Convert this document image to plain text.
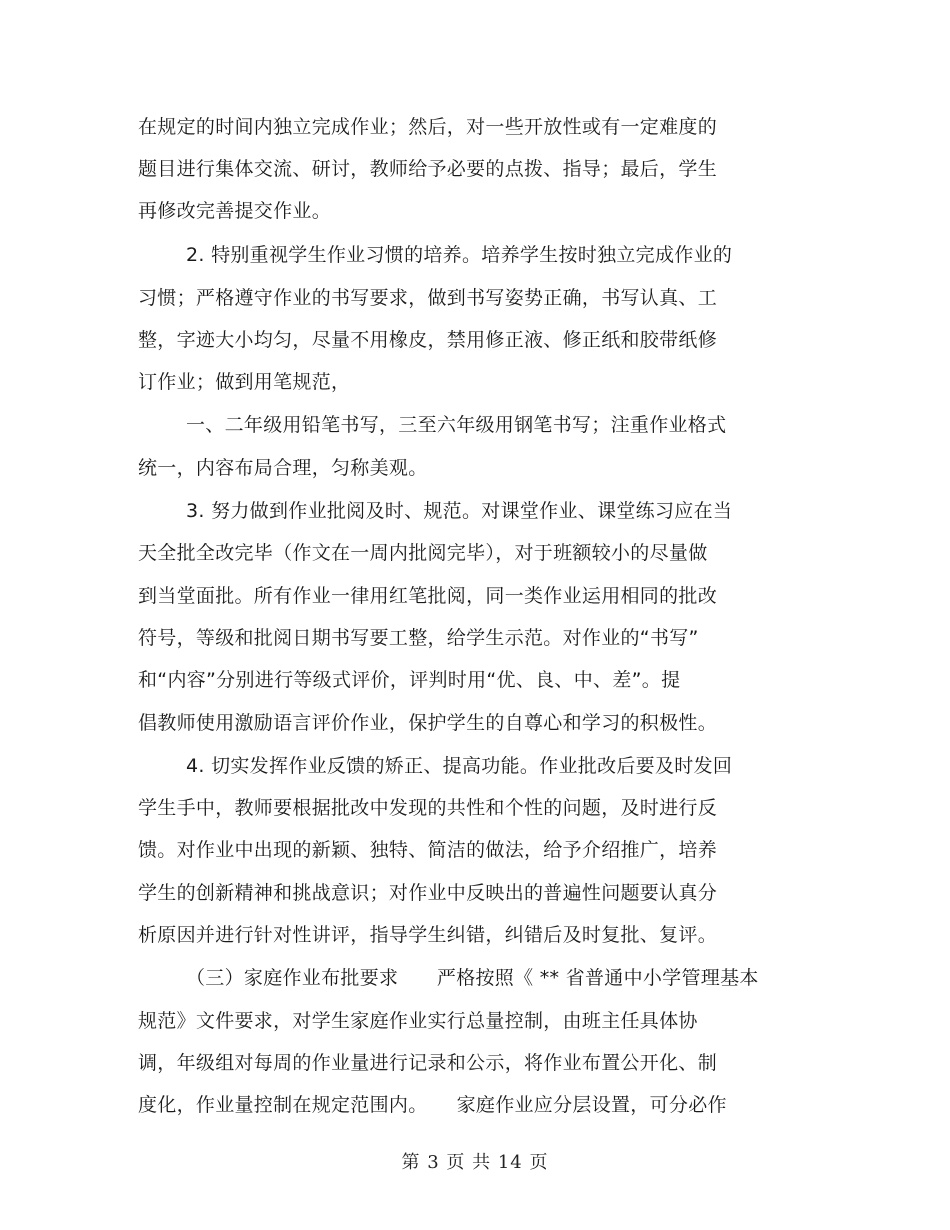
在规定的时间内独立完成作业；然后，对一些开放性或有一定难度的
题目进行集体交流、研讨，教师给予必要的点拨、指导；最后，学生
再修改完善提交作业。
2. 特别重视学生作业习惯的培养。培养学生按时独立完成作业的
习惯；严格遵守作业的书写要求，做到书写姿势正确，书写认真、工
整，字迹大小均匀，尽量不用橡皮，禁用修正液、修正纸和胶带纸修
订作业；做到用笔规范，
一、二年级用铅笔书写，三至六年级用钢笔书写；注重作业格式
统一，内容布局合理，匀称美观。
3. 努力做到作业批阅及时、规范。对课堂作业、课堂练习应在当
天全批全改完毕（作文在一周内批阅完毕），对于班额较小的尽量做
到当堂面批。所有作业一律用红笔批阅，同一类作业运用相同的批改
符号，等级和批阅日期书写要工整，给学生示范。对作业的“书写”
和“内容”分别进行等级式评价，评判时用“优、良、中、差”。提
倡教师使用激励语言评价作业，保护学生的自尊心和学习的积极性。
4. 切实发挥作业反馈的矫正、提高功能。作业批改后要及时发回
学生手中，教师要根据批改中发现的共性和个性的问题，及时进行反
馈。对作业中出现的新颖、独特、简洁的做法，给予介绍推广，培养
学生的创新精神和挑战意识；对作业中反映出的普遍性问题要认真分
析原因并进行针对性讲评，指导学生纠错，纠错后及时复批、复评。
（三）家庭作业布批要求　　严格按照《 ** 省普通中小学管理基本
规范》文件要求，对学生家庭作业实行总量控制，由班主任具体协
调，年级组对每周的作业量进行记录和公示，将作业布置公开化、制
度化，作业量控制在规定范围内。　　家庭作业应分层设置，可分必作
第 3 页 共 14 页
